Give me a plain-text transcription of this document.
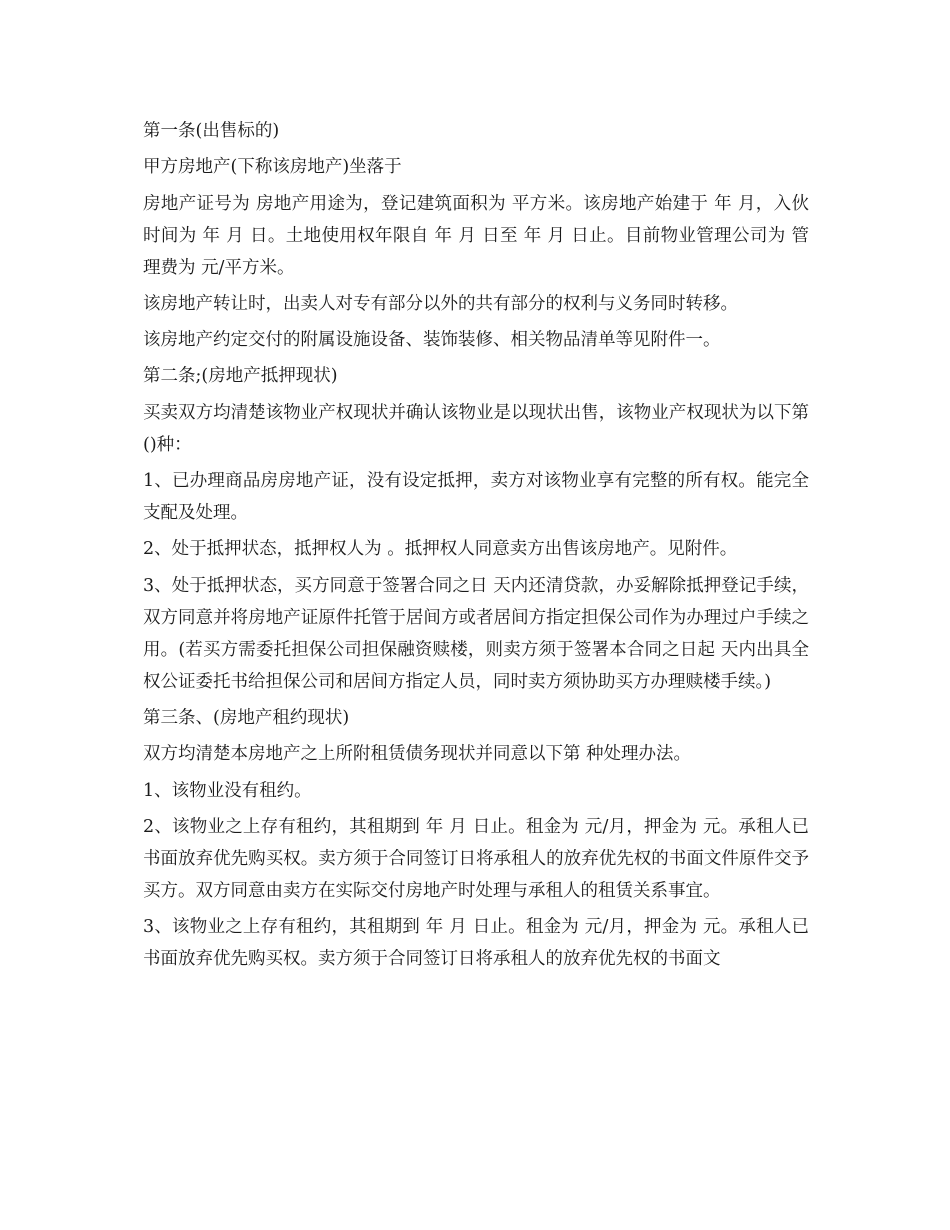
第一条(出售标的)

甲方房地产(下称该房地产)坐落于

房地产证号为 房地产用途为，登记建筑面积为 平方米。该房地产始建于 年 月，入伙时间为 年 月 日。土地使用权年限自 年 月 日至 年 月 日止。目前物业管理公司为 管理费为 元/平方米。

该房地产转让时，出卖人对专有部分以外的共有部分的权利与义务同时转移。

该房地产约定交付的附属设施设备、装饰装修、相关物品清单等见附件一。

第二条;(房地产抵押现状)

买卖双方均清楚该物业产权现状并确认该物业是以现状出售，该物业产权现状为以下第()种：

1、已办理商品房房地产证，没有设定抵押，卖方对该物业享有完整的所有权。能完全支配及处理。

2、处于抵押状态，抵押权人为 。抵押权人同意卖方出售该房地产。见附件。

3、处于抵押状态，买方同意于签署合同之日 天内还清贷款，办妥解除抵押登记手续，双方同意并将房地产证原件托管于居间方或者居间方指定担保公司作为办理过户手续之用。(若买方需委托担保公司担保融资赎楼，则卖方须于签署本合同之日起 天内出具全权公证委托书给担保公司和居间方指定人员，同时卖方须协助买方办理赎楼手续。)

第三条、(房地产租约现状)

双方均清楚本房地产之上所附租赁债务现状并同意以下第 种处理办法。

1、该物业没有租约。

2、该物业之上存有租约，其租期到 年 月 日止。租金为 元/月，押金为 元。承租人已书面放弃优先购买权。卖方须于合同签订日将承租人的放弃优先权的书面文件原件交予买方。双方同意由卖方在实际交付房地产时处理与承租人的租赁关系事宜。

3、该物业之上存有租约，其租期到 年 月 日止。租金为 元/月，押金为 元。承租人已书面放弃优先购买权。卖方须于合同签订日将承租人的放弃优先权的书面文
